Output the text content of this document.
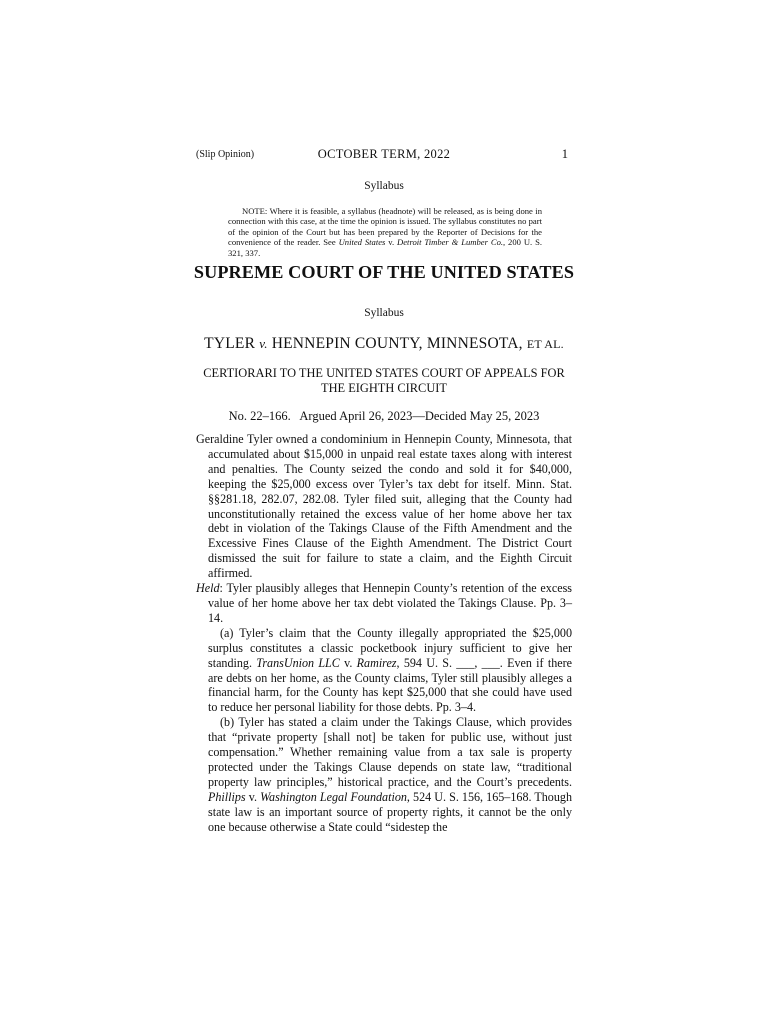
(Slip Opinion)	OCTOBER TERM, 2022	1
Syllabus
NOTE: Where it is feasible, a syllabus (headnote) will be released, as is being done in connection with this case, at the time the opinion is issued. The syllabus constitutes no part of the opinion of the Court but has been prepared by the Reporter of Decisions for the convenience of the reader. See United States v. Detroit Timber & Lumber Co., 200 U. S. 321, 337.
SUPREME COURT OF THE UNITED STATES
Syllabus
TYLER v. HENNEPIN COUNTY, MINNESOTA, ET AL.
CERTIORARI TO THE UNITED STATES COURT OF APPEALS FOR
THE EIGHTH CIRCUIT
No. 22–166.   Argued April 26, 2023—Decided May 25, 2023

Geraldine Tyler owned a condominium in Hennepin County, Minnesota, that accumulated about $15,000 in unpaid real estate taxes along with interest and penalties. The County seized the condo and sold it for $40,000, keeping the $25,000 excess over Tyler’s tax debt for itself. Minn. Stat. §§281.18, 282.07, 282.08. Tyler filed suit, alleging that the County had unconstitutionally retained the excess value of her home above her tax debt in violation of the Takings Clause of the Fifth Amendment and the Excessive Fines Clause of the Eighth Amendment. The District Court dismissed the suit for failure to state a claim, and the Eighth Circuit affirmed.

Held: Tyler plausibly alleges that Hennepin County’s retention of the excess value of her home above her tax debt violated the Takings Clause. Pp. 3–14.

(a) Tyler’s claim that the County illegally appropriated the $25,000 surplus constitutes a classic pocketbook injury sufficient to give her standing. TransUnion LLC v. Ramirez, 594 U. S. ___, ___. Even if there are debts on her home, as the County claims, Tyler still plausibly alleges a financial harm, for the County has kept $25,000 that she could have used to reduce her personal liability for those debts. Pp. 3–4.

(b) Tyler has stated a claim under the Takings Clause, which provides that “private property [shall not] be taken for public use, without just compensation.” Whether remaining value from a tax sale is property protected under the Takings Clause depends on state law, “traditional property law principles,” historical practice, and the Court’s precedents. Phillips v. Washington Legal Foundation, 524 U. S. 156, 165–168. Though state law is an important source of property rights, it cannot be the only one because otherwise a State could “sidestep the
